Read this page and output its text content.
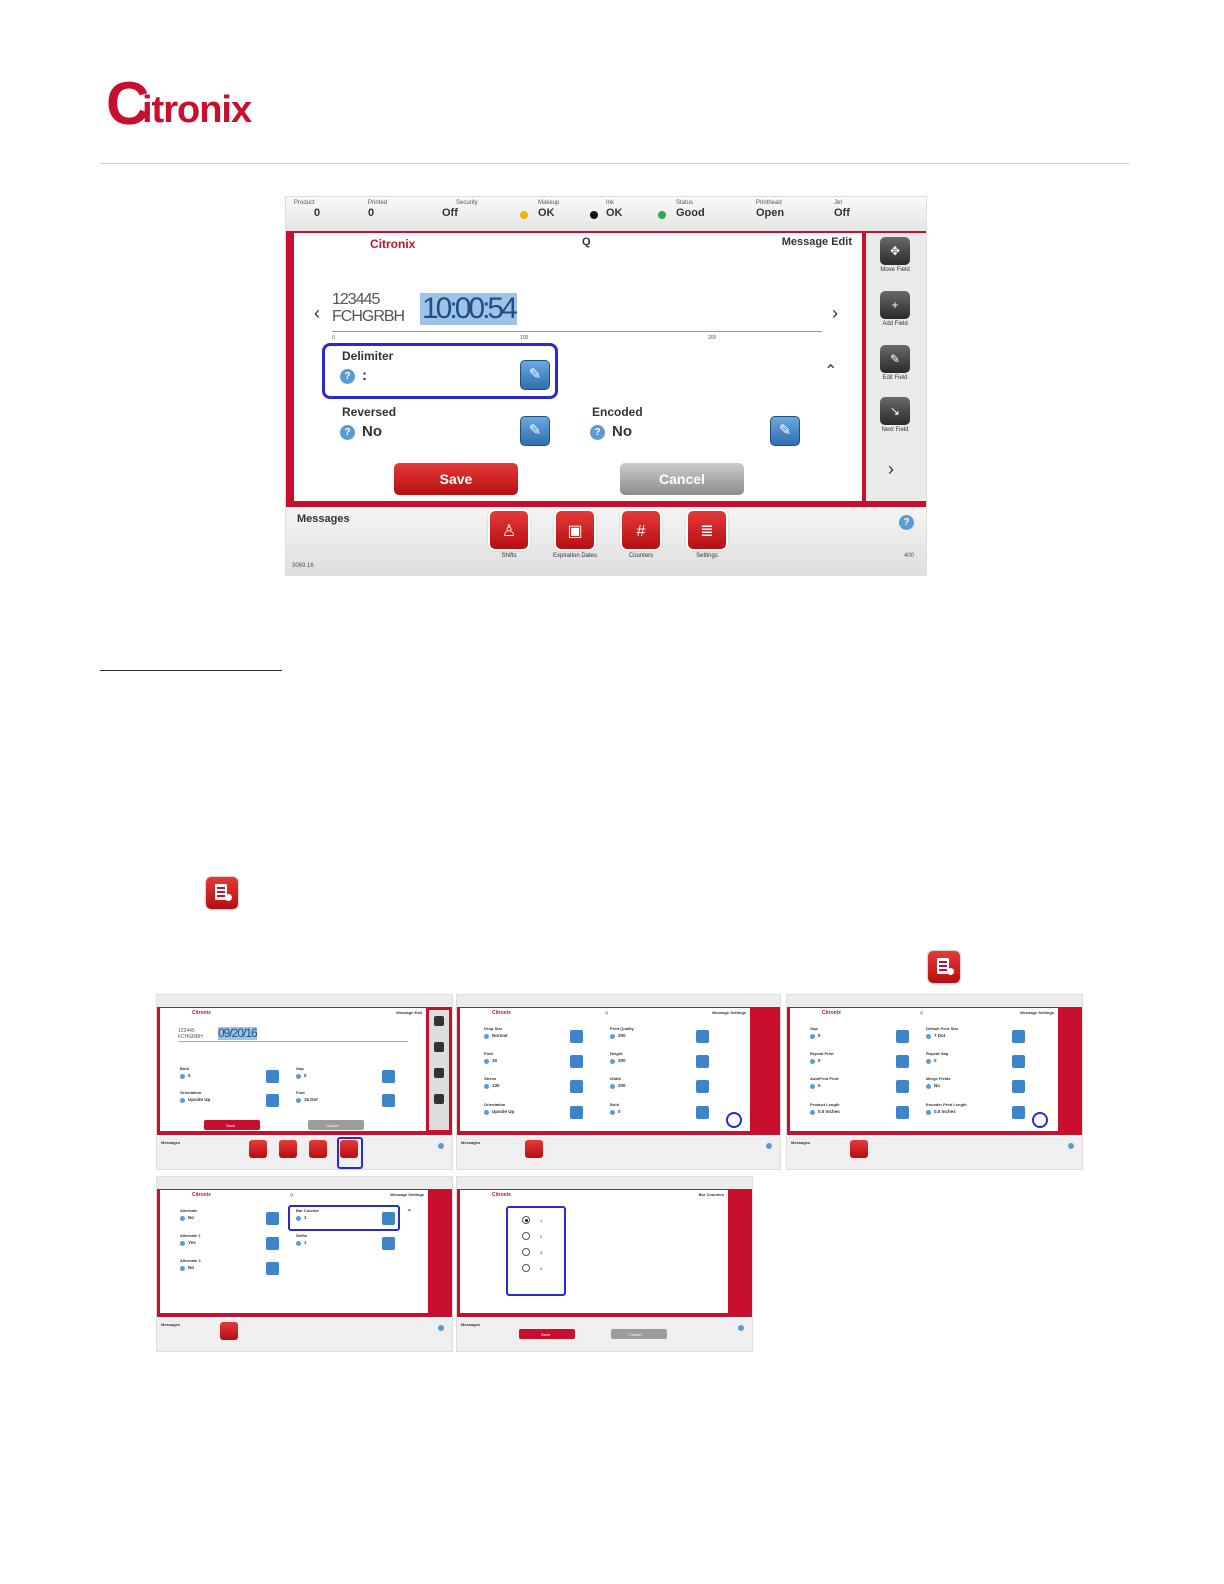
C
itronix
Product
0
Printed
0
Security
Off
Makeup
OK
Ink
OK
Status
Good
Printhead
Open
Jet
Off
Citronix	Q	Message Edit
‹	›
123445
FCHGRBH 10:00:54
0	100	200
Delimiter
? :	✎	⌃
Reversed
? No	✎
Encoded
? No	✎
Save	Cancel
✥
Move Field
+
Add Field
✎
Edit Field
↘
Next Field
›
Messages
3069.16
♙
Shifts
▣
Expiration Dates
#
Counters
≣
Settings
?
400
Citronix	Message Edit
123445
FCHGRBH 09/20/16
Bold
0
Gap
0
Orientation
Upside Up
Font
16 Dot
Save	Cancel
Messages
Citronix	Q	Message Settings
Drop Size
Normal
Print Quality
300
Pixel
16
Height
300
Stress
130
Width
200
Orientation
Upside Up
Bold
0
Messages
Citronix	Q	Message Settings
Gap
0
Default Font Size
7 Dot
Repeat Print
0
Repeat Gap
0
AutoPrint Print
0
Merge Fields
No
Product Length
0.0 Inches
Encoder Print Length
0.0 Inches
Messages
Citronix	Q	Message Settings
Alternate
No
Bar Counter
1
Alternate 1
Yes
Shifts
1
Alternate 2
No
⌃
Messages
Citronix	Bar Counters
1
2
3
4
Messages
Save	Cancel
